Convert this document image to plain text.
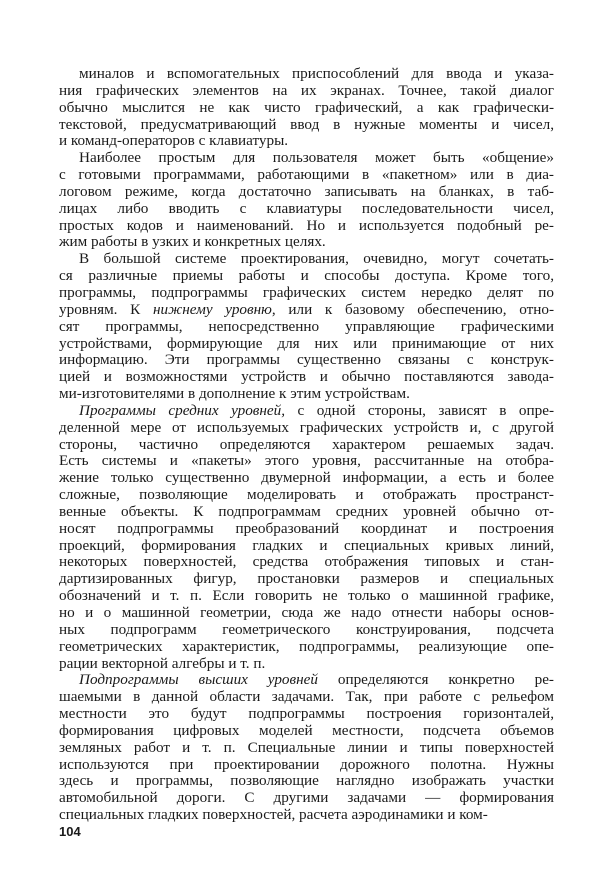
миналов и вспомогательных приспособлений для ввода и указа-
ния графических элементов на их экранах. Точнее, такой диалог
обычно мыслится не как чисто графический, а как графически-
текстовой, предусматривающий ввод в нужные моменты и чисел,
и команд-операторов с клавиатуры.
Наиболее простым для пользователя может быть «общение»
с готовыми программами, работающими в «пакетном» или в диа-
логовом режиме, когда достаточно записывать на бланках, в таб-
лицах либо вводить с клавиатуры последовательности чисел,
простых кодов и наименований. Но и используется подобный ре-
жим работы в узких и конкретных целях.
В большой системе проектирования, очевидно, могут сочетать-
ся различные приемы работы и способы доступа. Кроме того,
программы, подпрограммы графических систем нередко делят по
уровням. К нижнему уровню, или к базовому обеспечению, отно-
сят программы, непосредственно управляющие графическими
устройствами, формирующие для них или принимающие от них
информацию. Эти программы существенно связаны с конструк-
цией и возможностями устройств и обычно поставляются завода-
ми-изготовителями в дополнение к этим устройствам.
Программы средних уровней, с одной стороны, зависят в опре-
деленной мере от используемых графических устройств и, с другой
стороны, частично определяются характером решаемых задач.
Есть системы и «пакеты» этого уровня, рассчитанные на отобра-
жение только существенно двумерной информации, а есть и более
сложные, позволяющие моделировать и отображать пространст-
венные объекты. К подпрограммам средних уровней обычно от-
носят подпрограммы преобразований координат и построения
проекций, формирования гладких и специальных кривых линий,
некоторых поверхностей, средства отображения типовых и стан-
дартизированных фигур, простановки размеров и специальных
обозначений и т. п. Если говорить не только о машинной графике,
но и о машинной геометрии, сюда же надо отнести наборы основ-
ных подпрограмм геометрического конструирования, подсчета
геометрических характеристик, подпрограммы, реализующие опе-
рации векторной алгебры и т. п.
Подпрограммы высших уровней определяются конкретно ре-
шаемыми в данной области задачами. Так, при работе с рельефом
местности это будут подпрограммы построения горизонталей,
формирования цифровых моделей местности, подсчета объемов
земляных работ и т. п. Специальные линии и типы поверхностей
используются при проектировании дорожного полотна. Нужны
здесь и программы, позволяющие наглядно изображать участки
автомобильной дороги. С другими задачами — формирования
специальных гладких поверхностей, расчета аэродинамики и ком-
104
